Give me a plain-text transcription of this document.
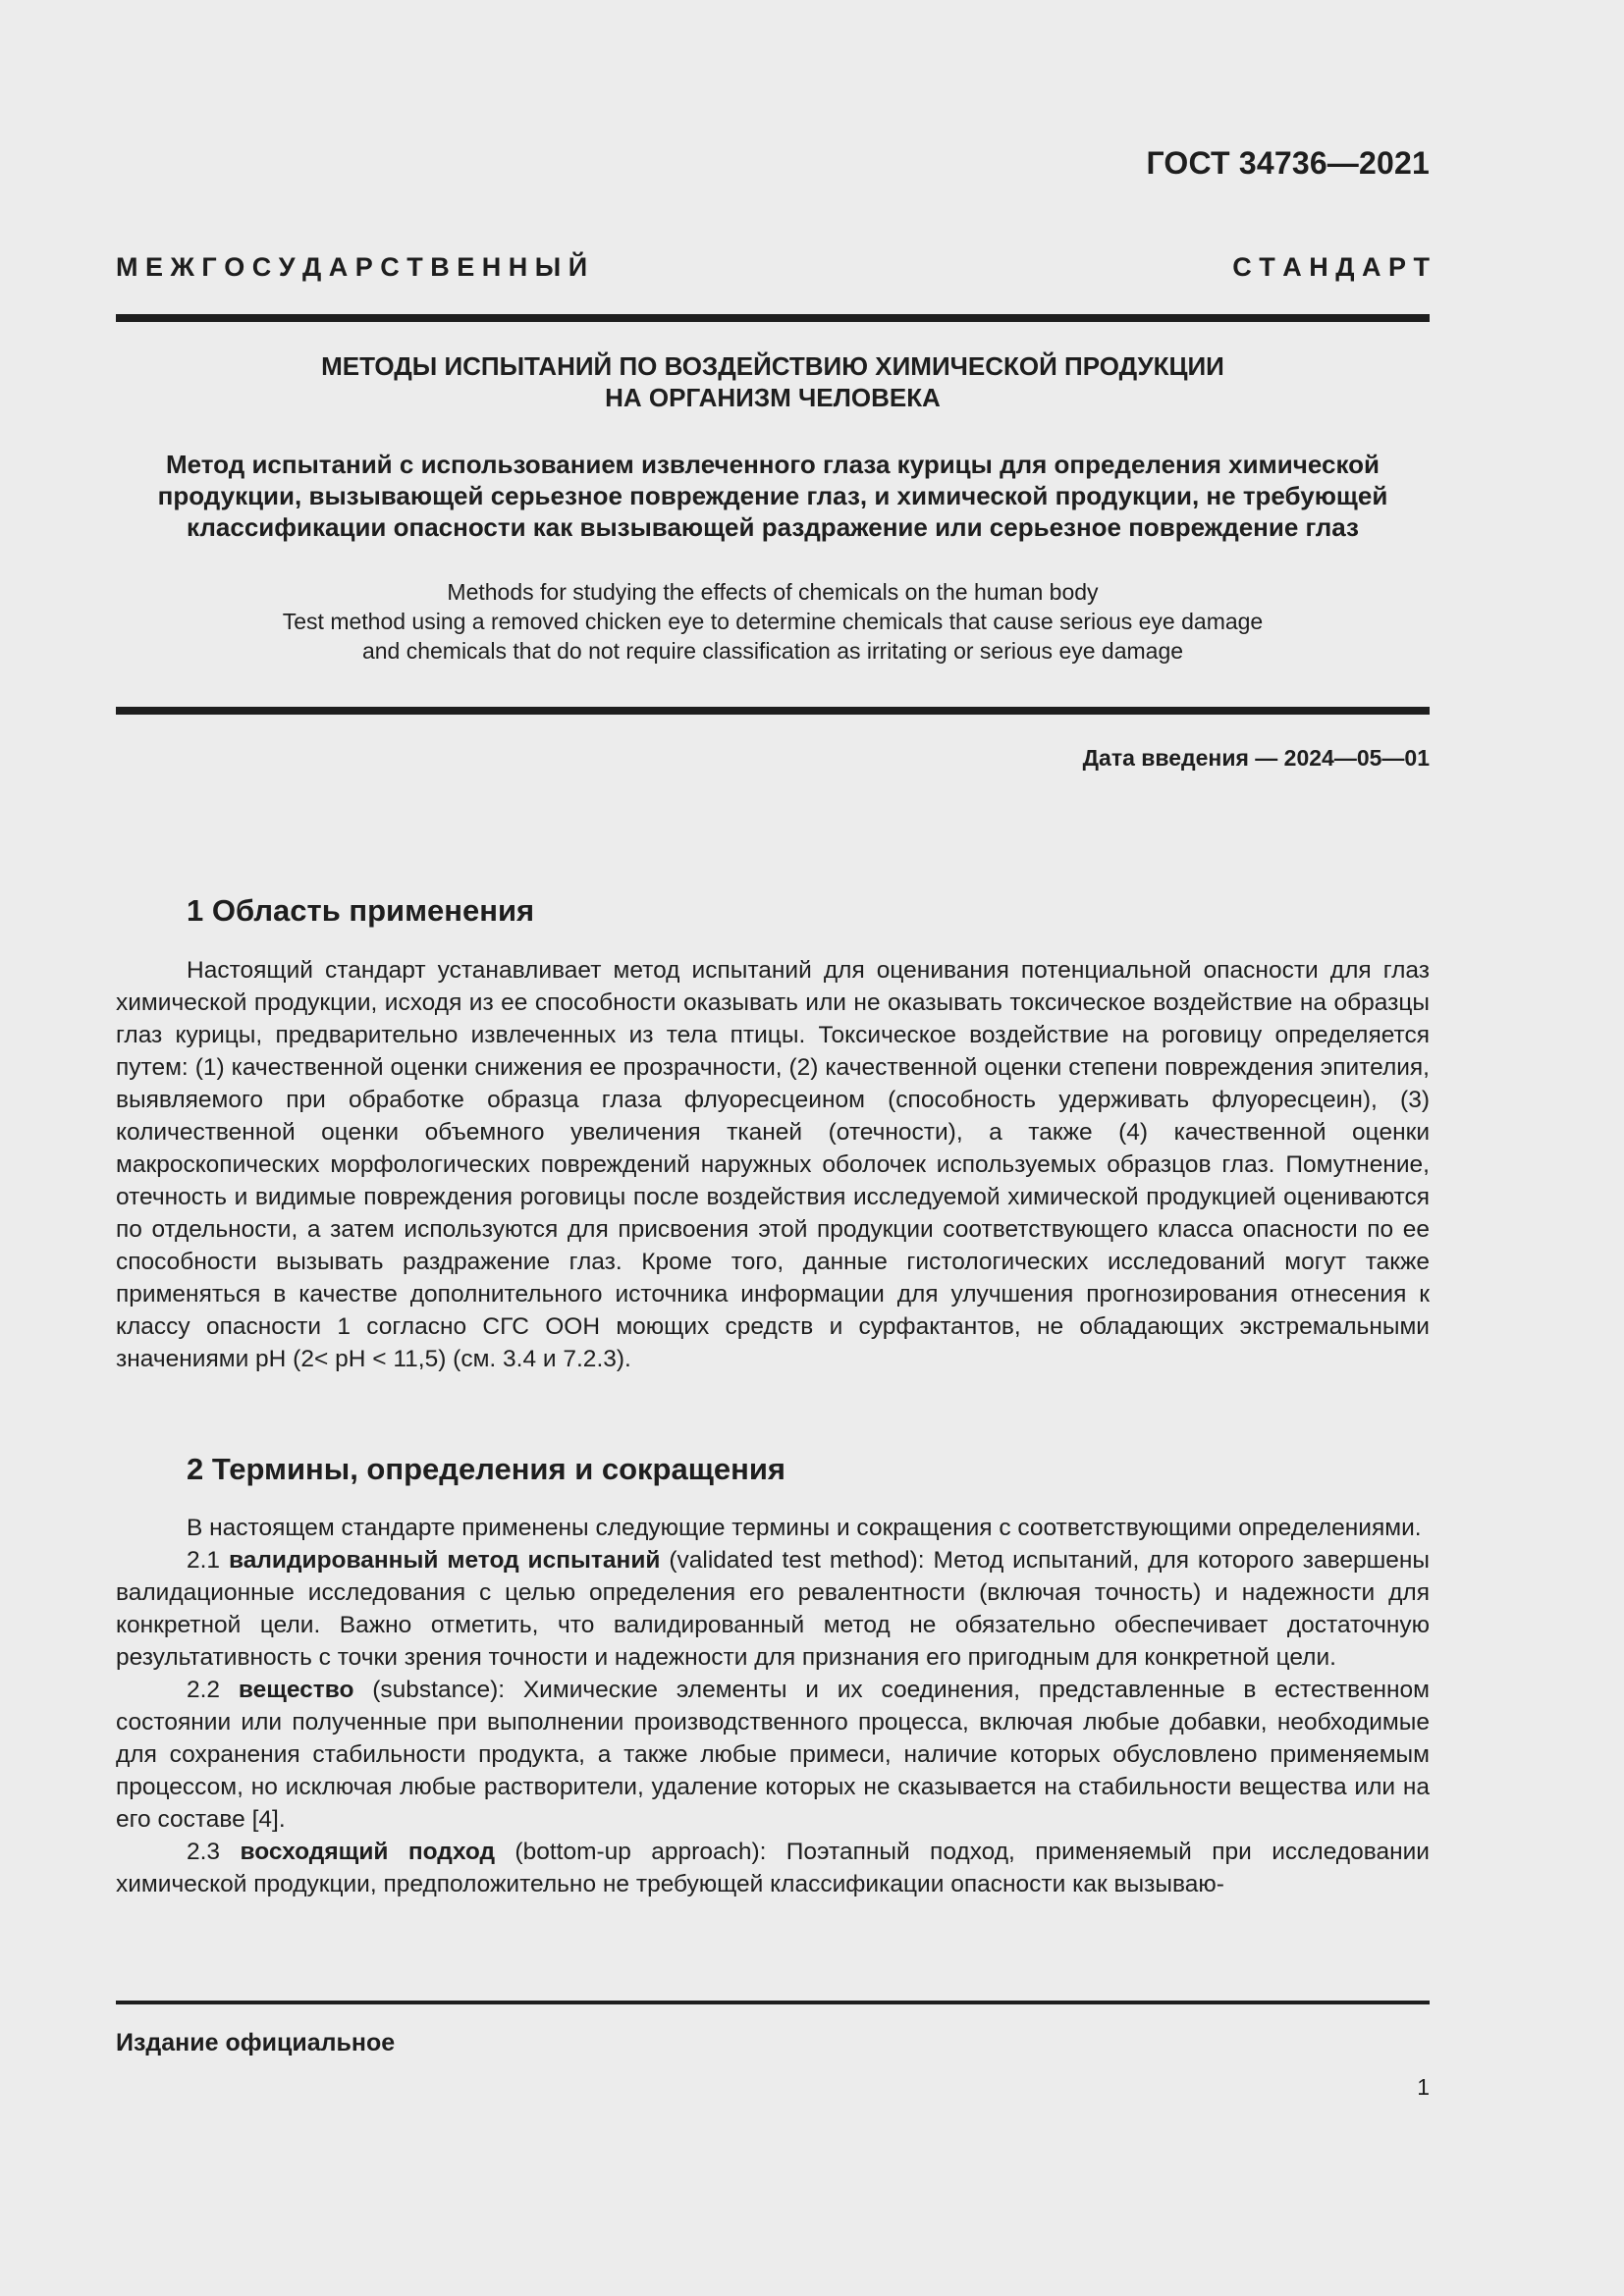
ГОСТ 34736—2021
М Е Ж Г О С У Д А Р С Т В Е Н Н Ы Й	С Т А Н Д А Р Т
МЕТОДЫ ИСПЫТАНИЙ ПО ВОЗДЕЙСТВИЮ ХИМИЧЕСКОЙ ПРОДУКЦИИ
НА ОРГАНИЗМ ЧЕЛОВЕКА
Метод испытаний с использованием извлеченного глаза курицы для определения химической
продукции, вызывающей серьезное повреждение глаз, и химической продукции, не требующей
классификации опасности как вызывающей раздражение или серьезное повреждение глаз
Methods for studying the effects of chemicals on the human body
Test method using a removed chicken eye to determine chemicals that cause serious eye damage
and chemicals that do not require classification as irritating or serious eye damage
Дата введения — 2024—05—01
1 Область применения

Настоящий стандарт устанавливает метод испытаний для оценивания потенциальной опасности для глаз химической продукции, исходя из ее способности оказывать или не оказывать токсическое воздействие на образцы глаз курицы, предварительно извлеченных из тела птицы. Токсическое воздействие на роговицу определяется путем: (1) качественной оценки снижения ее прозрачности, (2) качественной оценки степени повреждения эпителия, выявляемого при обработке образца глаза флуоресцеином (способность удерживать флуоресцеин), (3) количественной оценки объемного увеличения тканей (отечности), а также (4) качественной оценки макроскопических морфологических повреждений наружных оболочек используемых образцов глаз. Помутнение, отечность и видимые повреждения роговицы после воздействия исследуемой химической продукцией оцениваются по отдельности, а затем используются для присвоения этой продукции соответствующего класса опасности по ее способности вызывать раздражение глаз. Кроме того, данные гистологических исследований могут также применяться в качестве дополнительного источника информации для улучшения прогнозирования отнесения к классу опасности 1 согласно СГС ООН моющих средств и сурфактантов, не обладающих экстремальными значениями pH (2< pH < 11,5) (см. 3.4 и 7.2.3).

2 Термины, определения и сокращения

В настоящем стандарте применены следующие термины и сокращения с соответствующими определениями.

2.1 валидированный метод испытаний (validated test method): Метод испытаний, для которого завершены валидационные исследования с целью определения его ревалентности (включая точность) и надежности для конкретной цели. Важно отметить, что валидированный метод не обязательно обеспечивает достаточную результативность с точки зрения точности и надежности для признания его пригодным для конкретной цели.

2.2 вещество (substance): Химические элементы и их соединения, представленные в естественном состоянии или полученные при выполнении производственного процесса, включая любые добавки, необходимые для сохранения стабильности продукта, а также любые примеси, наличие которых обусловлено применяемым процессом, но исключая любые растворители, удаление которых не сказывается на стабильности вещества или на его составе [4].

2.3 восходящий подход (bottom-up approach): Поэтапный подход, применяемый при исследовании химической продукции, предположительно не требующей классификации опасности как вызываю-

Издание официальное
1
